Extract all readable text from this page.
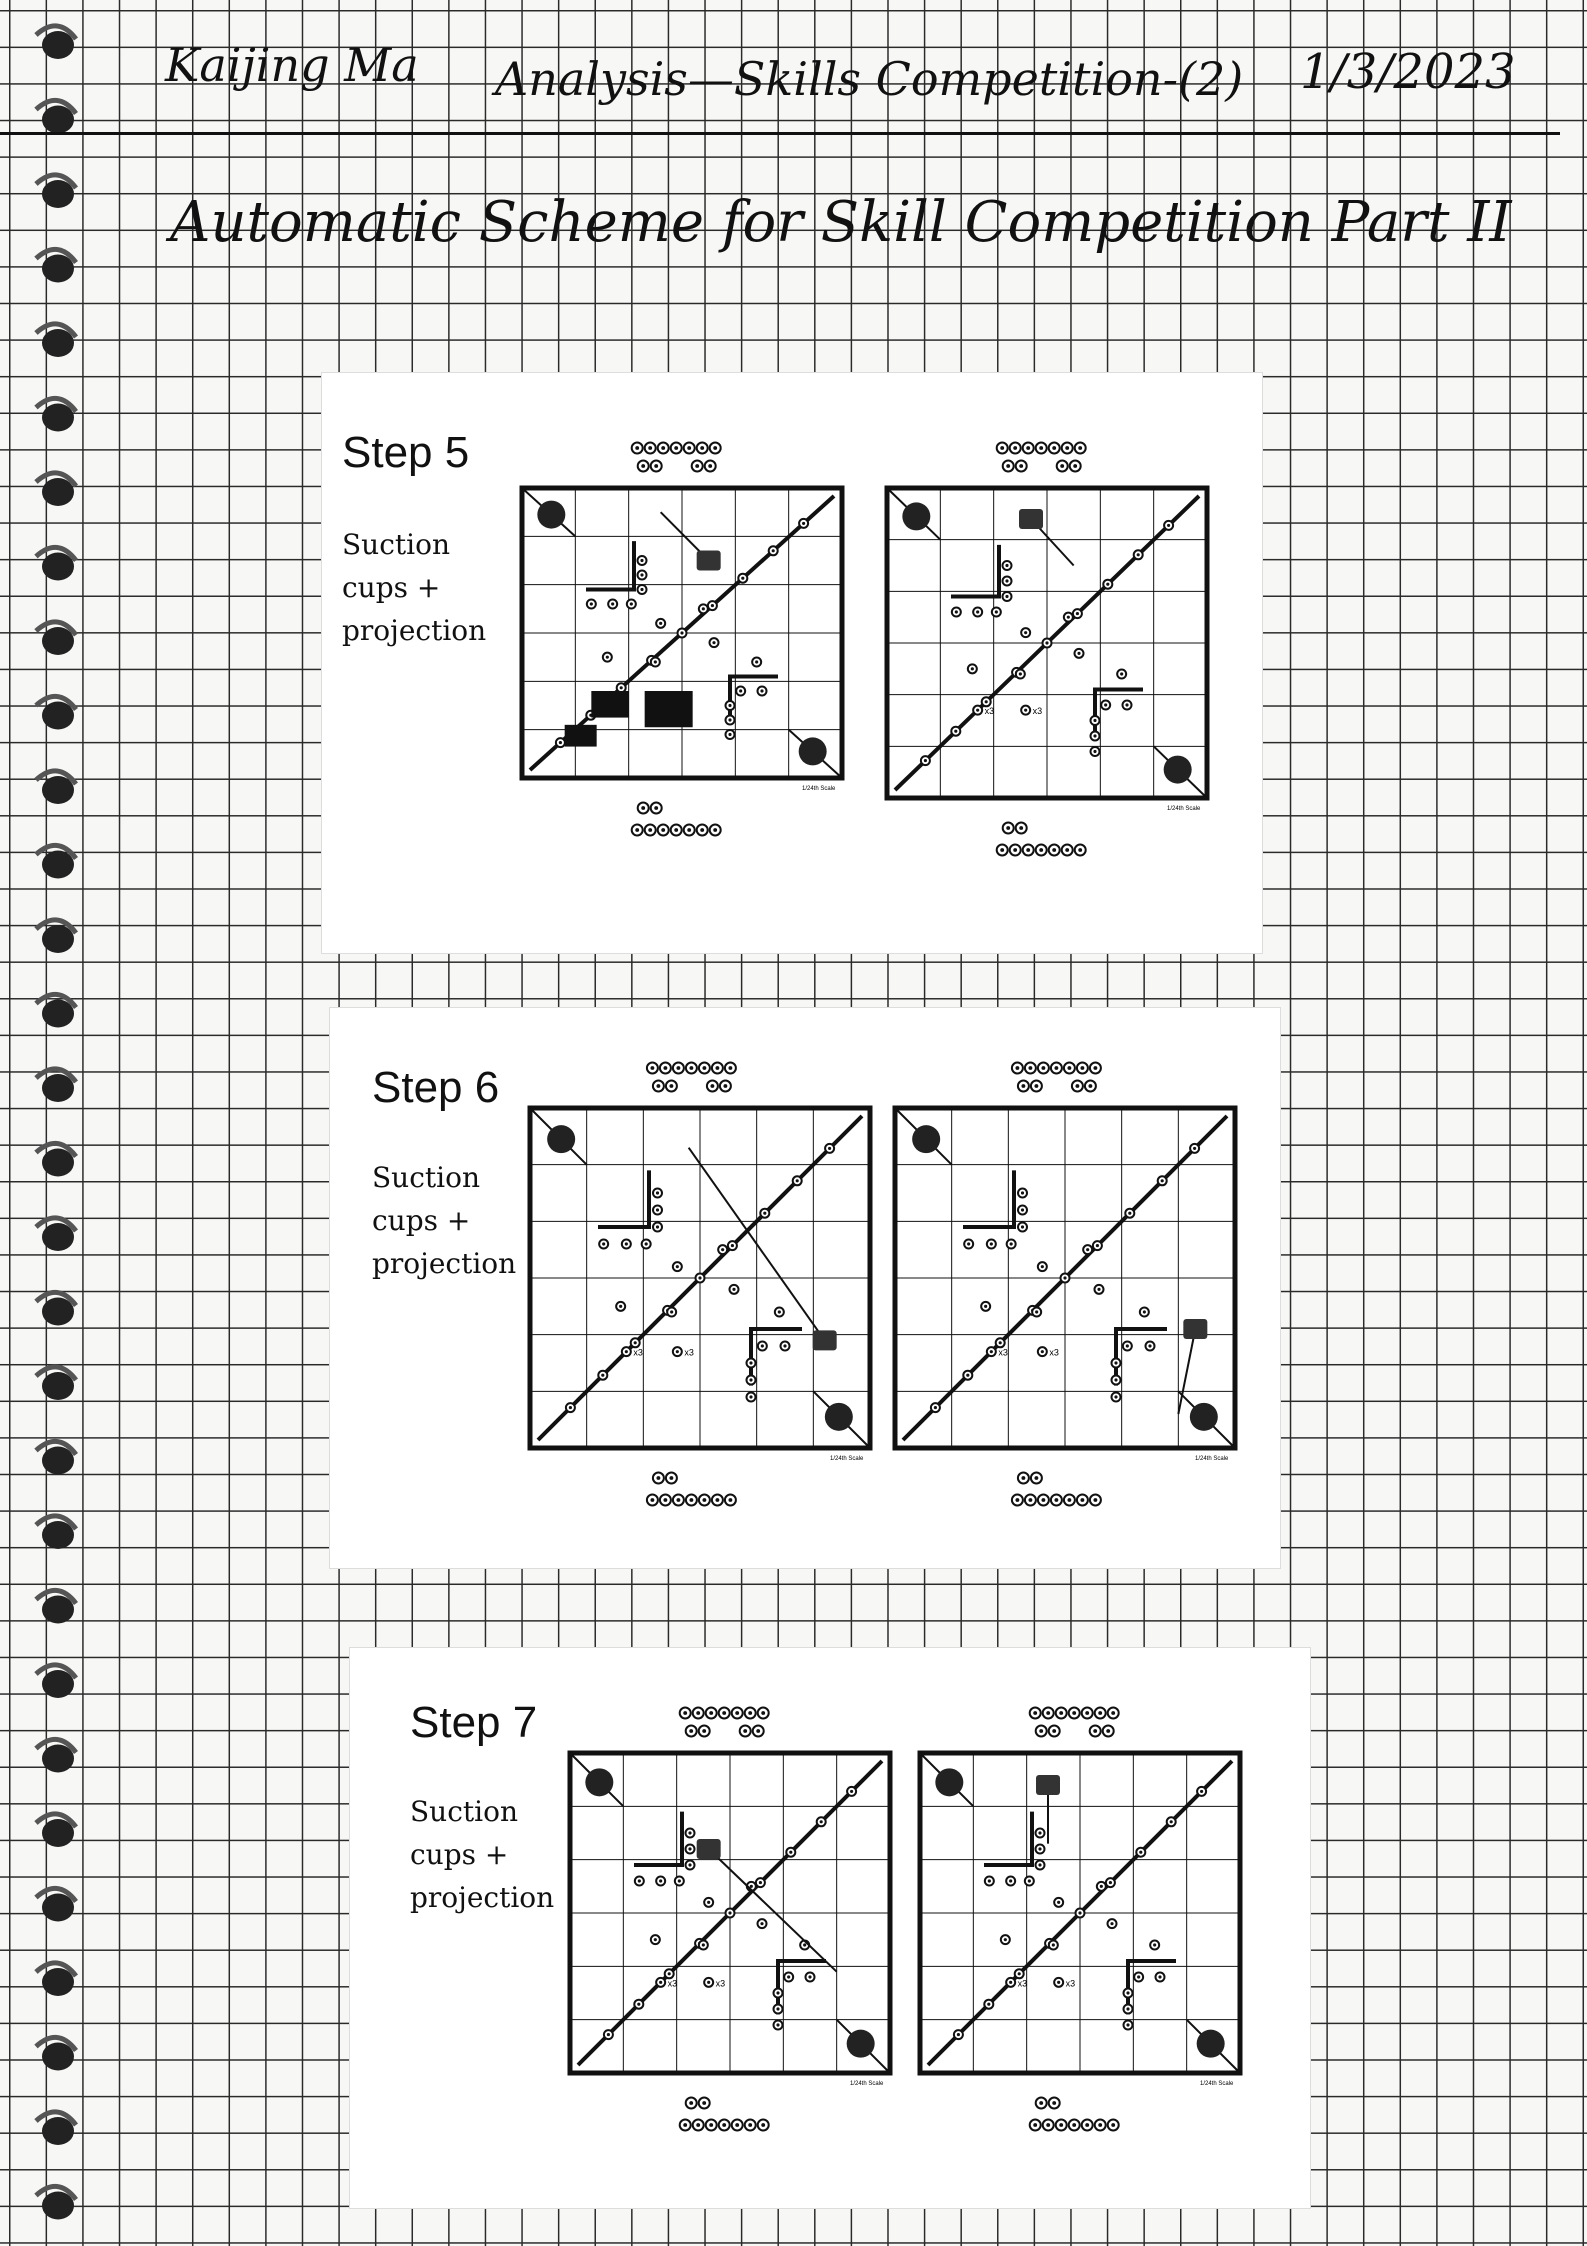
Kaijing Ma Analysis—Skills Competition-(2) 1/3/2023
Automatic Scheme for Skill Competition Part II
Step 5
Suction cups + projection
1/24th Scale
x3	x3
1/24th Scale
Step 6
Suction cups + projection
x3	x3
1/24th Scale
x3	x3
1/24th Scale
Step 7
Suction cups + projection
x3	x3
1/24th Scale
x3	x3
1/24th Scale
